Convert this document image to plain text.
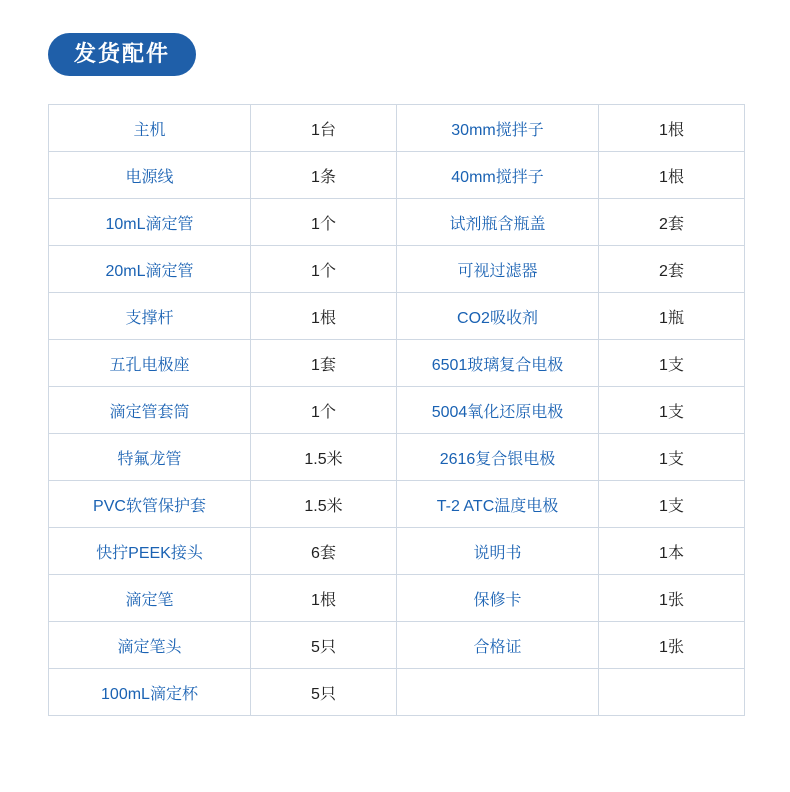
发货配件
主机	1台	30mm搅拌子	1根
电源线	1条	40mm搅拌子	1根
10mL滴定管	1个	试剂瓶含瓶盖	2套
20mL滴定管	1个	可视过滤器	2套
支撑杆	1根	CO2吸收剂	1瓶
五孔电极座	1套	6501玻璃复合电极	1支
滴定管套筒	1个	5004氧化还原电极	1支
特氟龙管	1.5米	2616复合银电极	1支
PVC软管保护套	1.5米	T-2 ATC温度电极	1支
快拧PEEK接头	6套	说明书	1本
滴定笔	1根	保修卡	1张
滴定笔头	5只	合格证	1张
100mL滴定杯	5只		
